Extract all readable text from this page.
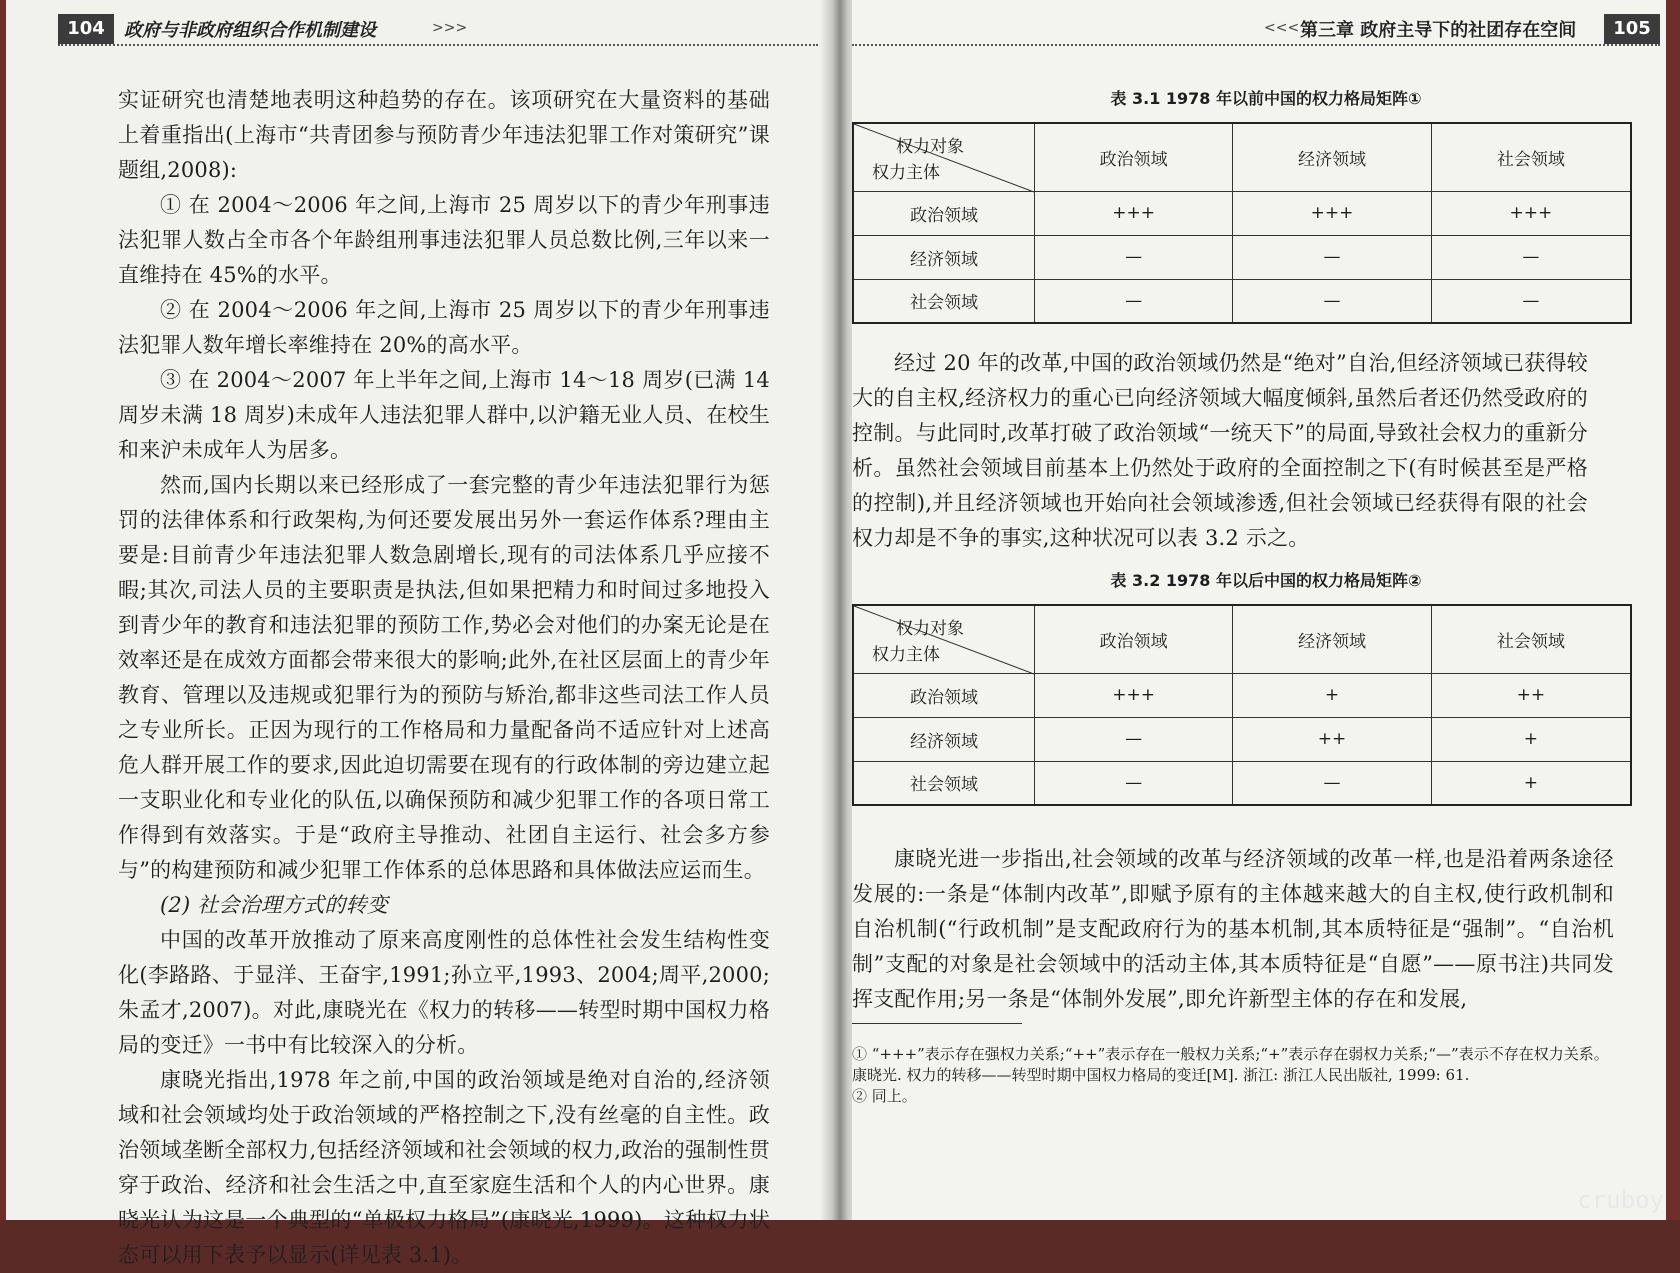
104	政府与非政府组织合作机制建设	>>>

实证研究也清楚地表明这种趋势的存在。该项研究在大量资料的基础上着重指出(上海市“共青团参与预防青少年违法犯罪工作对策研究”课题组,2008):

① 在 2004～2006 年之间,上海市 25 周岁以下的青少年刑事违法犯罪人数占全市各个年龄组刑事违法犯罪人员总数比例,三年以来一直维持在 45%的水平。

② 在 2004～2006 年之间,上海市 25 周岁以下的青少年刑事违法犯罪人数年增长率维持在 20%的高水平。

③ 在 2004～2007 年上半年之间,上海市 14～18 周岁(已满 14 周岁未满 18 周岁)未成年人违法犯罪人群中,以沪籍无业人员、在校生和来沪未成年人为居多。

然而,国内长期以来已经形成了一套完整的青少年违法犯罪行为惩罚的法律体系和行政架构,为何还要发展出另外一套运作体系?理由主要是:目前青少年违法犯罪人数急剧增长,现有的司法体系几乎应接不暇;其次,司法人员的主要职责是执法,但如果把精力和时间过多地投入到青少年的教育和违法犯罪的预防工作,势必会对他们的办案无论是在效率还是在成效方面都会带来很大的影响;此外,在社区层面上的青少年教育、管理以及违规或犯罪行为的预防与矫治,都非这些司法工作人员之专业所长。正因为现行的工作格局和力量配备尚不适应针对上述高危人群开展工作的要求,因此迫切需要在现有的行政体制的旁边建立起一支职业化和专业化的队伍,以确保预防和减少犯罪工作的各项日常工作得到有效落实。于是“政府主导推动、社团自主运行、社会多方参与”的构建预防和减少犯罪工作体系的总体思路和具体做法应运而生。

(2) 社会治理方式的转变

中国的改革开放推动了原来高度刚性的总体性社会发生结构性变化(李路路、于显洋、王奋宇,1991;孙立平,1993、2004;周平,2000;朱孟才,2007)。对此,康晓光在《权力的转移——转型时期中国权力格局的变迁》一书中有比较深入的分析。

康晓光指出,1978 年之前,中国的政治领域是绝对自治的,经济领域和社会领域均处于政治领域的严格控制之下,没有丝毫的自主性。政治领域垄断全部权力,包括经济领域和社会领域的权力,政治的强制性贯穿于政治、经济和社会生活之中,直至家庭生活和个人的内心世界。康晓光认为这是一个典型的“单极权力格局”(康晓光,1999)。这种权力状态可以用下表予以显示(详见表 3.1)。

<<< 第三章 政府主导下的社团存在空间	105
表 3.1 1978 年以前中国的权力格局矩阵①
权力对象
权力主体	政治领域	经济领域	社会领域
政治领域	+++	+++	+++
经济领域	—	—	—
社会领域	—	—	—

经过 20 年的改革,中国的政治领域仍然是“绝对”自治,但经济领域已获得较大的自主权,经济权力的重心已向经济领域大幅度倾斜,虽然后者还仍然受政府的控制。与此同时,改革打破了政治领域“一统天下”的局面,导致社会权力的重新分析。虽然社会领域目前基本上仍然处于政府的全面控制之下(有时候甚至是严格的控制),并且经济领域也开始向社会领域渗透,但社会领域已经获得有限的社会权力却是不争的事实,这种状况可以表 3.2 示之。

表 3.2 1978 年以后中国的权力格局矩阵②
权力对象
权力主体	政治领域	经济领域	社会领域
政治领域	+++	+	++
经济领域	—	++	+
社会领域	—	—	+

康晓光进一步指出,社会领域的改革与经济领域的改革一样,也是沿着两条途径发展的:一条是“体制内改革”,即赋予原有的主体越来越大的自主权,使行政机制和自治机制(“行政机制”是支配政府行为的基本机制,其本质特征是“强制”。“自治机制”支配的对象是社会领域中的活动主体,其本质特征是“自愿”——原书注)共同发挥支配作用;另一条是“体制外发展”,即允许新型主体的存在和发展,

① “+++”表示存在强权力关系;“++”表示存在一般权力关系;“+”表示存在弱权力关系;“—”表示不存在权力关系。
康晓光. 权力的转移——转型时期中国权力格局的变迁[M]. 浙江: 浙江人民出版社, 1999: 61.
② 同上。
cruboy
